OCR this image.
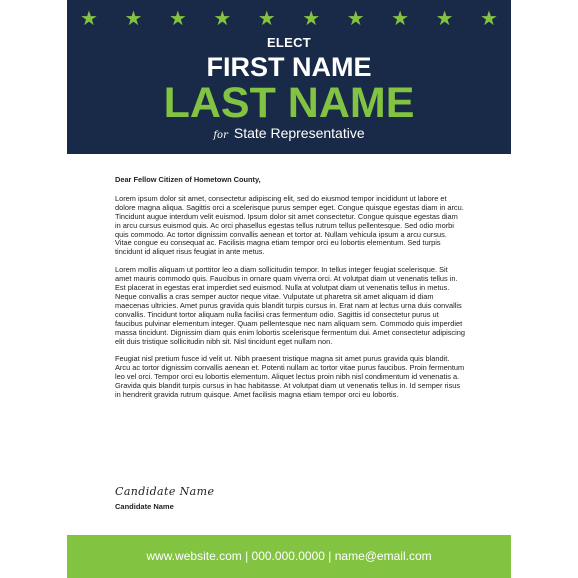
★ ★ ★ ★ ★ ★ ★ ★ ★ ★
ELECT
FIRST NAME
LAST NAME
for State Representative

Dear Fellow Citizen of Hometown County,

Lorem ipsum dolor sit amet, consectetur adipiscing elit, sed do eiusmod tempor incididunt ut labore et dolore magna aliqua. Sagittis orci a scelerisque purus semper eget. Congue quisque egestas diam in arcu. Tincidunt augue interdum velit euismod. Ipsum dolor sit amet consectetur. Congue quisque egestas diam in arcu cursus euismod quis. Ac orci phasellus egestas tellus rutrum tellus pellentesque. Sed odio morbi quis commodo. Ac tortor dignissim convallis aenean et tortor at. Nullam vehicula ipsum a arcu cursus. Vitae congue eu consequat ac. Facilisis magna etiam tempor orci eu lobortis elementum. Sed turpis tincidunt id aliquet risus feugiat in ante metus.

Lorem mollis aliquam ut porttitor leo a diam sollicitudin tempor. In tellus integer feugiat scelerisque. Sit amet mauris commodo quis. Faucibus in ornare quam viverra orci. At volutpat diam ut venenatis tellus in. Est placerat in egestas erat imperdiet sed euismod. Nulla at volutpat diam ut venenatis tellus in metus. Neque convallis a cras semper auctor neque vitae. Vulputate ut pharetra sit amet aliquam id diam maecenas ultricies. Amet purus gravida quis blandit turpis cursus in. Erat nam at lectus urna duis convallis convallis. Tincidunt tortor aliquam nulla facilisi cras fermentum odio. Sagittis id consectetur purus ut faucibus pulvinar elementum integer. Quam pellentesque nec nam aliquam sem. Commodo quis imperdiet massa tincidunt. Dignissim diam quis enim lobortis scelerisque fermentum dui. Amet consectetur adipiscing elit duis tristique sollicitudin nibh sit. Nisl tincidunt eget nullam non.

Feugiat nisl pretium fusce id velit ut. Nibh praesent tristique magna sit amet purus gravida quis blandit. Arcu ac tortor dignissim convallis aenean et. Potenti nullam ac tortor vitae purus faucibus. Proin fermentum leo vel orci. Tempor orci eu lobortis elementum. Aliquet lectus proin nibh nisl condimentum id venenatis a. Gravida quis blandit turpis cursus in hac habitasse. At volutpat diam ut venenatis tellus in. Id semper risus in hendrerit gravida rutrum quisque. Amet facilisis magna etiam tempor orci eu lobortis.

Candidate Name
Candidate Name
www.website.com | 000.000.0000 | name@email.com
